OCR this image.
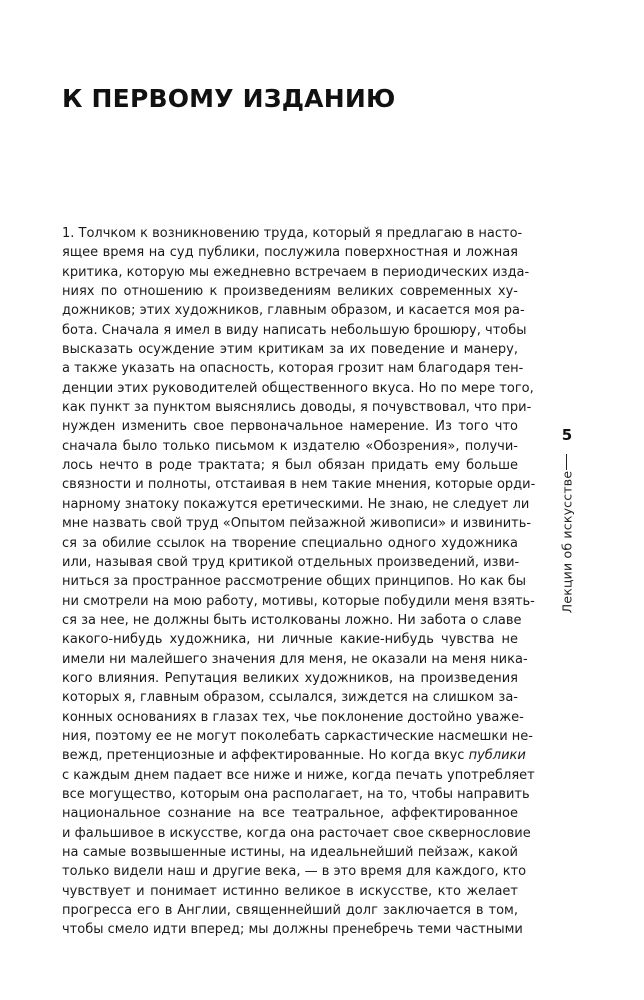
К ПЕРВОМУ ИЗДАНИЮ
1. Толчком к возникновению труда, который я предлагаю в насто-
ящее время на суд публики, послужила поверхностная и ложная
критика, которую мы ежедневно встречаем в периодических изда-
ниях по отношению к произведениям великих современных ху-
дожников; этих художников, главным образом, и касается моя ра-
бота. Сначала я имел в виду написать небольшую брошюру, чтобы
высказать осуждение этим критикам за их поведение и манеру,
а также указать на опасность, которая грозит нам благодаря тен-
денции этих руководителей общественного вкуса. Но по мере того,
как пункт за пунктом выяснялись доводы, я почувствовал, что при-
нужден изменить свое первоначальное намерение. Из того что
сначала было только письмом к издателю «Обозрения», получи-
лось нечто в роде трактата; я был обязан придать ему больше
связности и полноты, отстаивая в нем такие мнения, которые орди-
нарному знатоку покажутся еретическими. Не знаю, не следует ли
мне назвать свой труд «Опытом пейзажной живописи» и извинить-
ся за обилие ссылок на творение специально одного художника
или, называя свой труд критикой отдельных произведений, изви-
ниться за пространное рассмотрение общих принципов. Но как бы
ни смотрели на мою работу, мотивы, которые побудили меня взять-
ся за нее, не должны быть истолкованы ложно. Ни забота о славе
какого-нибудь художника, ни личные какие-нибудь чувства не
имели ни малейшего значения для меня, не оказали на меня ника-
кого влияния. Репутация великих художников, на произведения
которых я, главным образом, ссылался, зиждется на слишком за-
конных основаниях в глазах тех, чье поклонение достойно уваже-
ния, поэтому ее не могут поколебать саркастические насмешки не-
вежд, претенциозные и аффектированные. Но когда вкус публики
с каждым днем падает все ниже и ниже, когда печать употребляет
все могущество, которым она располагает, на то, чтобы направить
национальное сознание на все театральное, аффектированное
и фальшивое в искусстве, когда она расточает свое сквернословие
на самые возвышенные истины, на идеальнейший пейзаж, какой
только видели наш и другие века, — в это время для каждого, кто
чувствует и понимает истинно великое в искусстве, кто желает
прогресса его в Англии, священнейший долг заключается в том,
чтобы смело идти вперед; мы должны пренебречь теми частными
5
Лекции об искусстве
